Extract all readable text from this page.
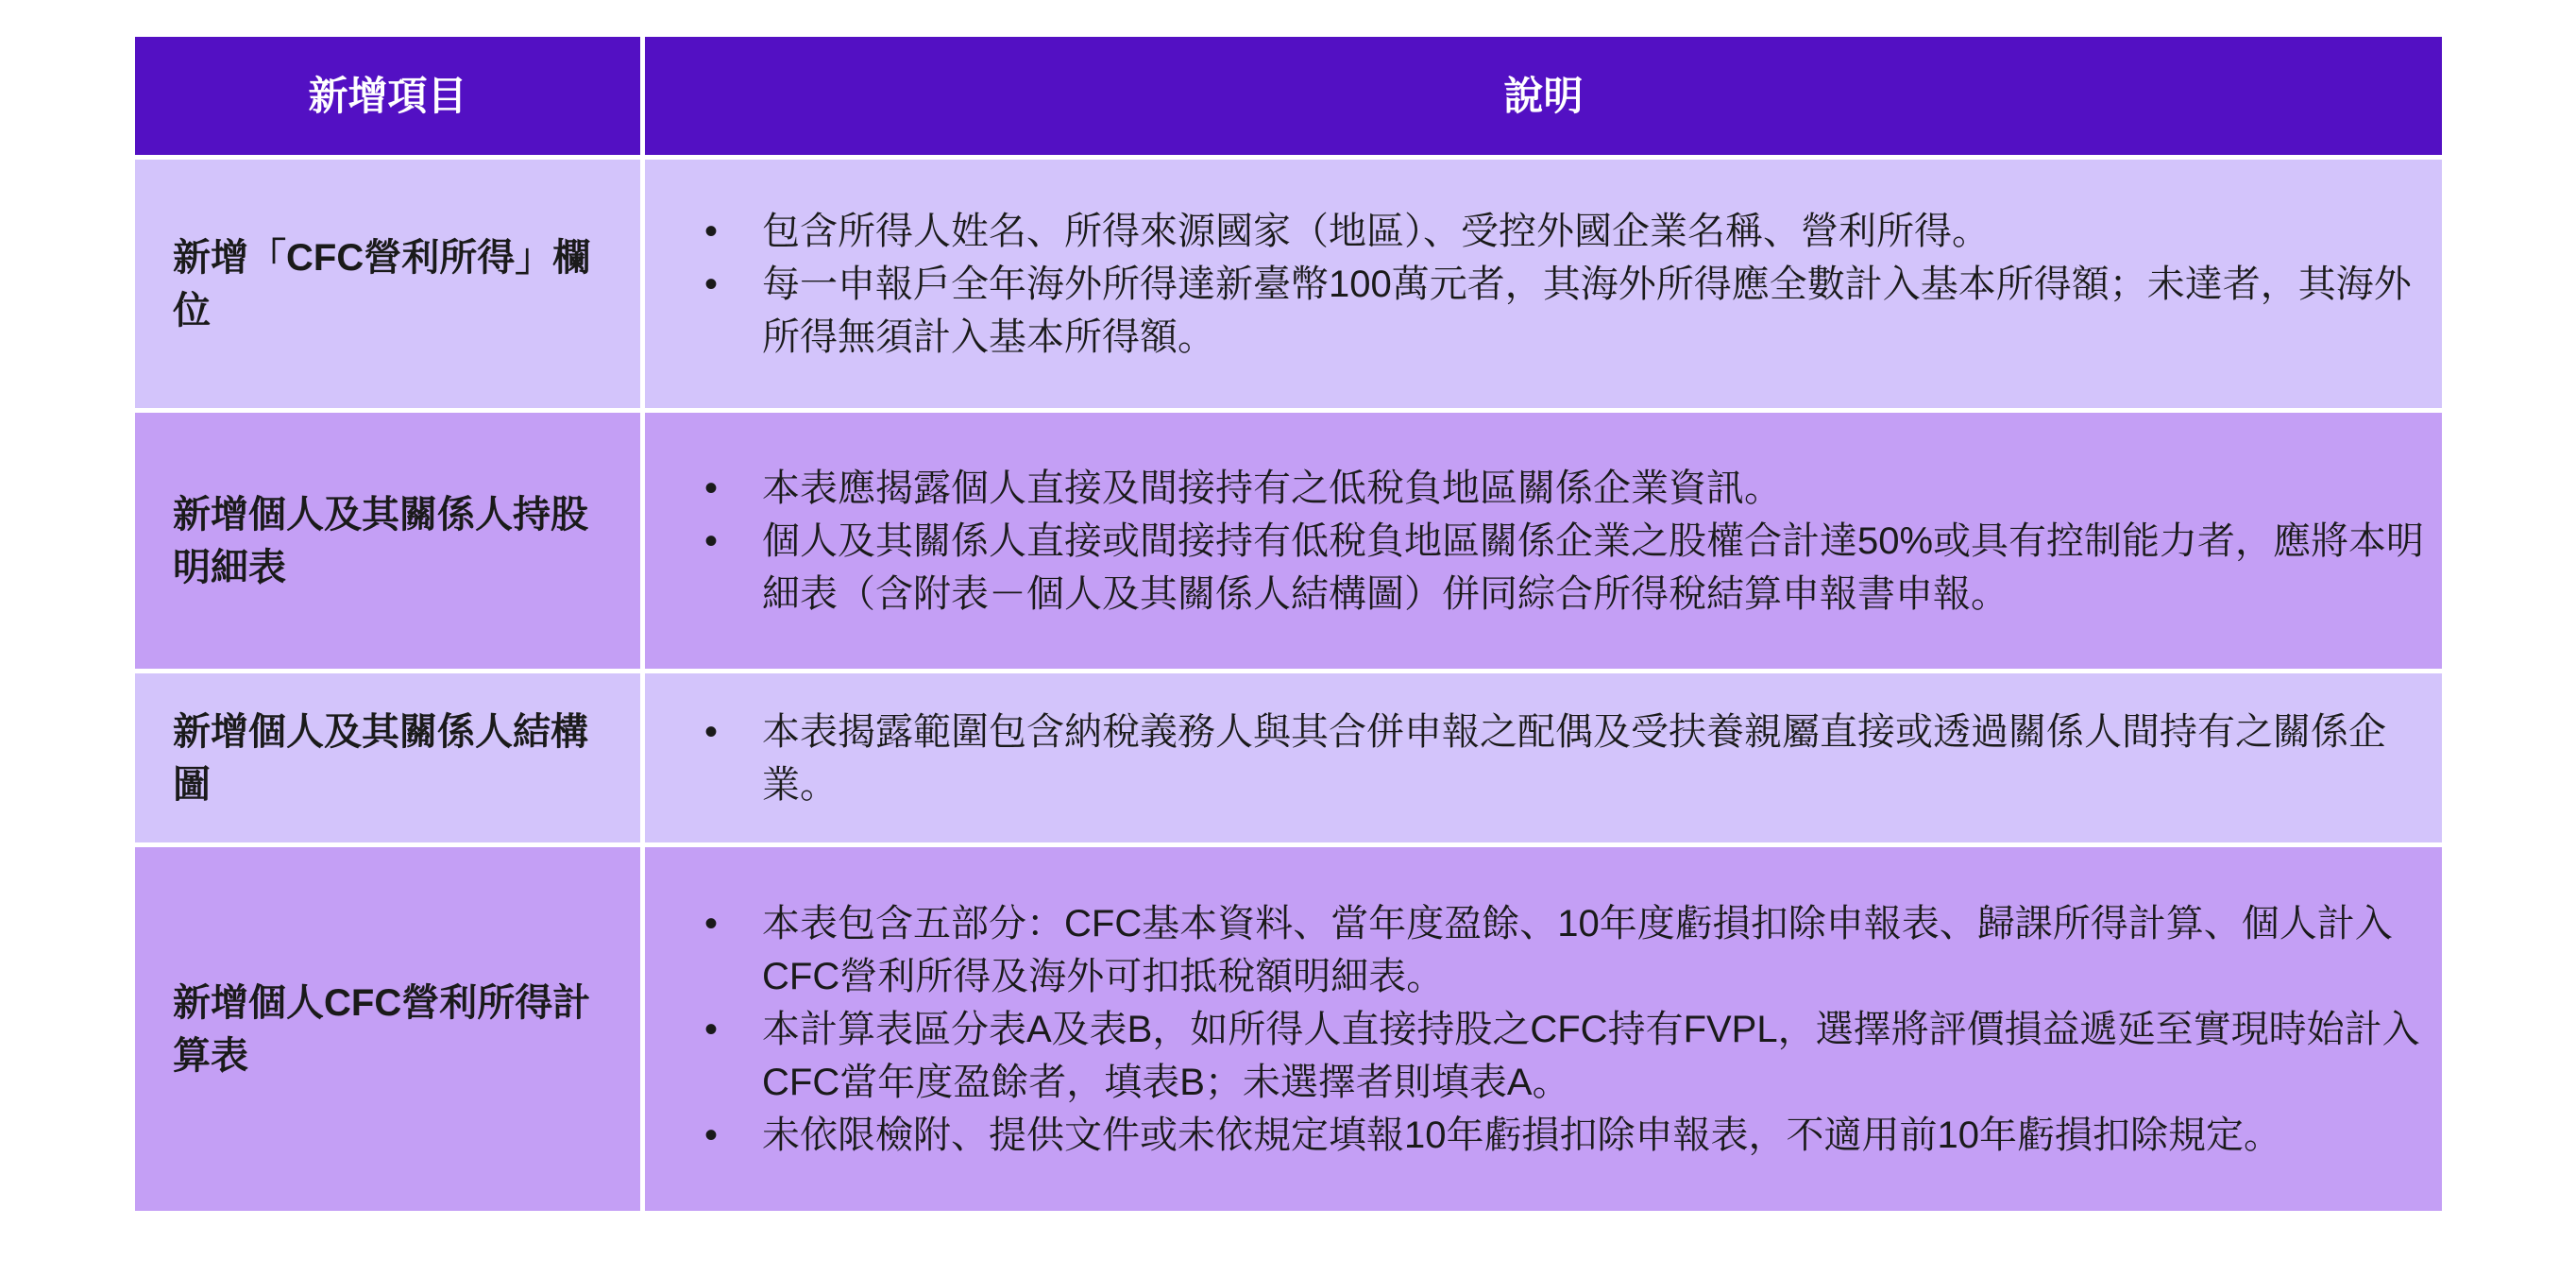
新增項目	說明
新增「CFC營利所得」欄位
•	包含所得人姓名、所得來源國家（地區）、受控外國企業名稱、營利所得。
•	每一申報戶全年海外所得達新臺幣100萬元者，其海外所得應全數計入基本所得額；未達者，其海外所得無須計入基本所得額。
新增個人及其關係人持股明細表
•	本表應揭露個人直接及間接持有之低稅負地區關係企業資訊。
•	個人及其關係人直接或間接持有低稅負地區關係企業之股權合計達50%或具有控制能力者，應將本明細表（含附表－個人及其關係人結構圖）併同綜合所得稅結算申報書申報。
新增個人及其關係人結構圖
•	本表揭露範圍包含納稅義務人與其合併申報之配偶及受扶養親屬直接或透過關係人間持有之關係企業。
新增個人CFC營利所得計算表
•	本表包含五部分：CFC基本資料、當年度盈餘、10年度虧損扣除申報表、歸課所得計算、個人計入CFC營利所得及海外可扣抵稅額明細表。
•	本計算表區分表A及表B，如所得人直接持股之CFC持有FVPL，選擇將評價損益遞延至實現時始計入CFC當年度盈餘者，填表B；未選擇者則填表A。
•	未依限檢附、提供文件或未依規定填報10年虧損扣除申報表，不適用前10年虧損扣除規定。
